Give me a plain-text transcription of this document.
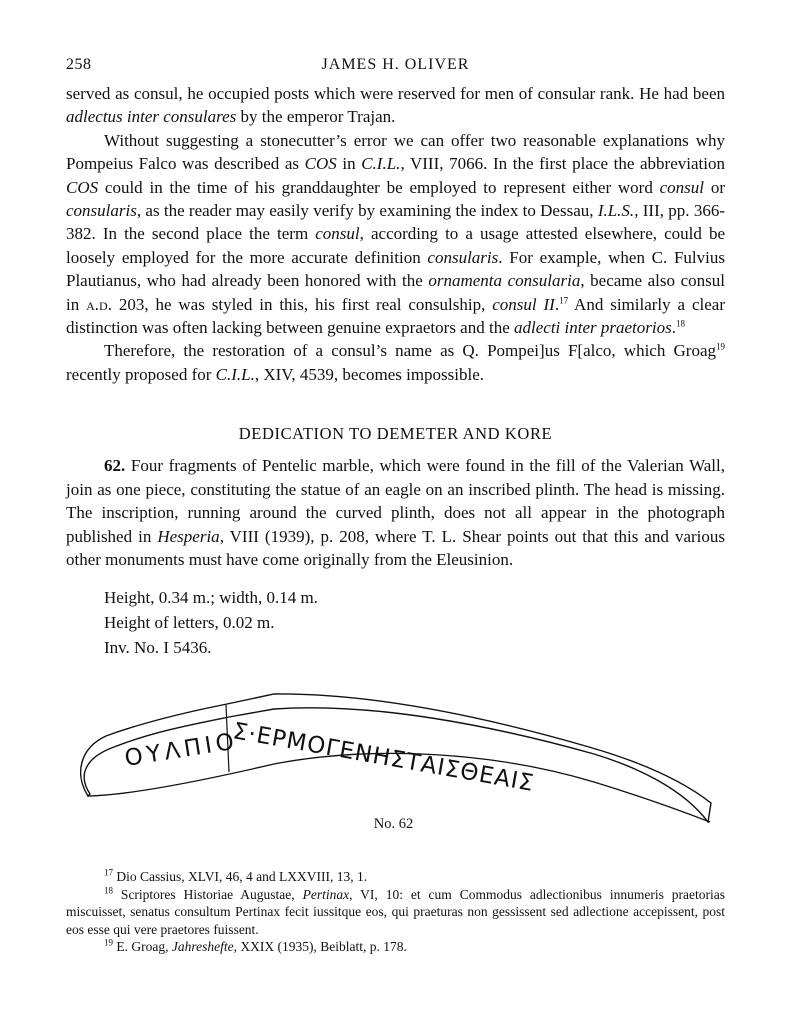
258	JAMES H. OLIVER

served as consul, he occupied posts which were reserved for men of consular rank. He had been adlectus inter consulares by the emperor Trajan.

Without suggesting a stonecutter’s error we can offer two reasonable explanations why Pompeius Falco was described as COS in C.I.L., VIII, 7066. In the first place the abbreviation COS could in the time of his granddaughter be employed to represent either word consul or consularis, as the reader may easily verify by examining the index to Dessau, I.L.S., III, pp. 366-382. In the second place the term consul, according to a usage attested elsewhere, could be loosely employed for the more accurate definition consularis. For example, when C. Fulvius Plautianus, who had already been honored with the ornamenta consularia, became also consul in a.d. 203, he was styled in this, his first real consulship, consul II.$^{17}$ And similarly a clear distinction was often lacking between genuine expraetors and the adlecti inter praetorios.$^{18}$

Therefore, the restoration of a consul’s name as Q. Pompei]us F[alco, which Groag$^{19}$ recently proposed for C.I.L., XIV, 4539, becomes impossible.

DEDICATION TO DEMETER AND KORE

62. Four fragments of Pentelic marble, which were found in the fill of the Valerian Wall, join as one piece, constituting the statue of an eagle on an inscribed plinth. The head is missing. The inscription, running around the curved plinth, does not all appear in the photograph published in Hesperia, VIII (1939), p. 208, where T. L. Shear points out that this and various other monuments must have come originally from the Eleusinion.

Height, 0.34 m.; width, 0.14 m.
Height of letters, 0.02 m.
Inv. No. I 5436.
ΟΥΛΠΙΟ
Σ·ΕΡΜΟΓΕΝΗΣΤΑΙΣΘΕΑΙΣ
No. 62

$^{17}$ Dio Cassius, XLVI, 46, 4 and LXXVIII, 13, 1.

$^{18}$ Scriptores Historiae Augustae, Pertinax, VI, 10: et cum Commodus adlectionibus innumeris praetorias miscuisset, senatus consultum Pertinax fecit iussitque eos, qui praeturas non gessissent sed adlectione accepissent, post eos esse qui vere praetores fuissent.

$^{19}$ E. Groag, Jahreshefte, XXIX (1935), Beiblatt, p. 178.
